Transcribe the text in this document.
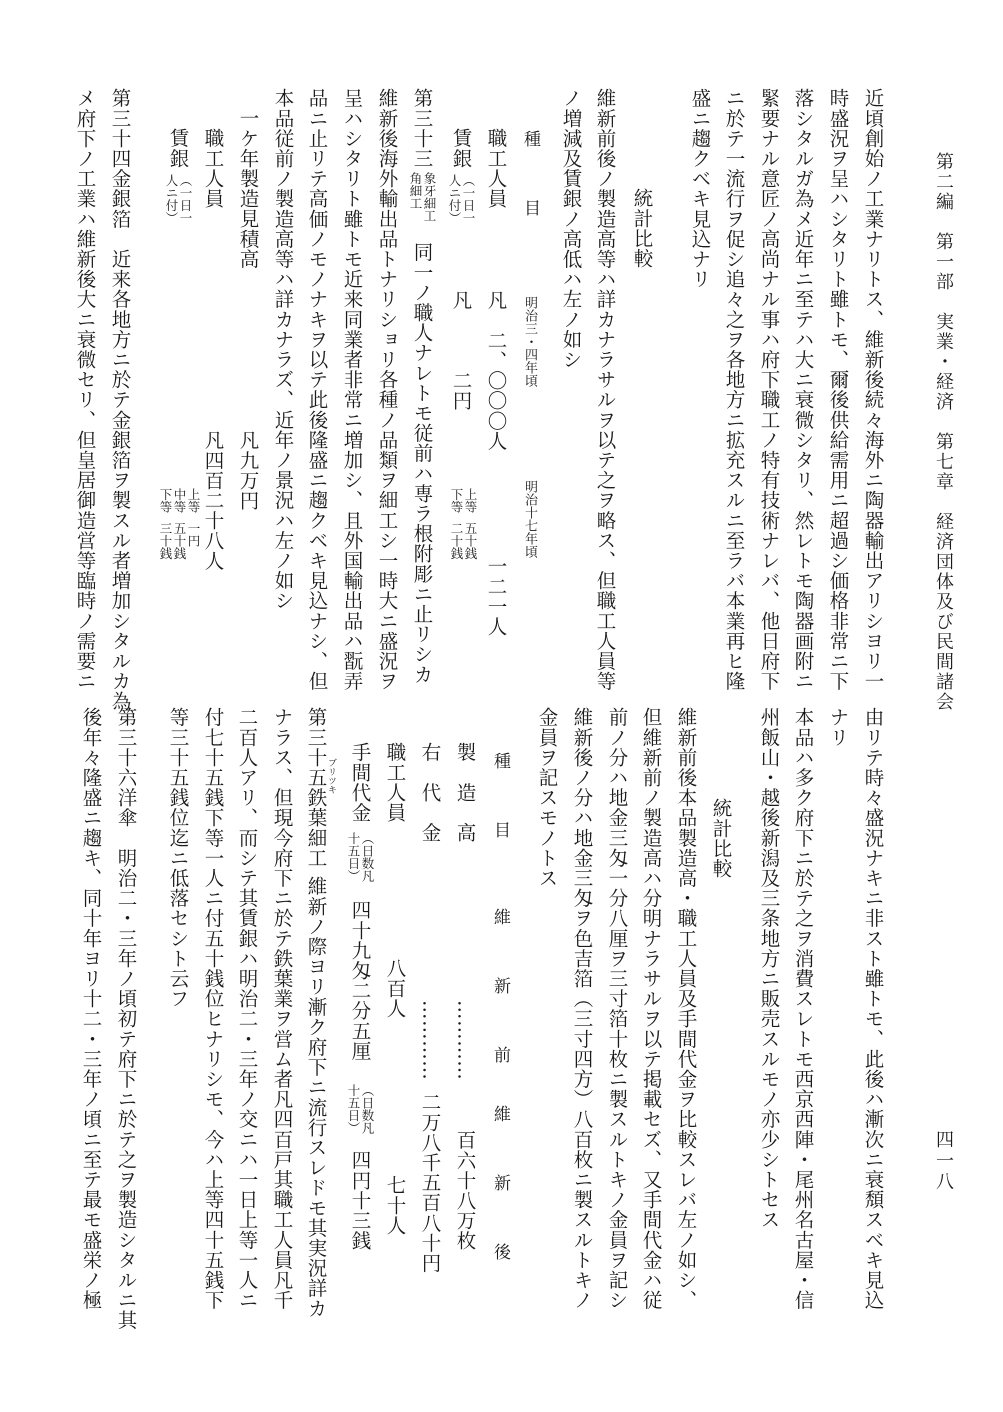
第二編　第一部　実業・経済　第七章　経済団体及び民間諸会
四一八
近頃創始ノ工業ナリトス、維新後続々海外ニ陶器輸出アリシヨリ一
時盛況ヲ呈ハシタリト雖トモ、爾後供給需用ニ超過シ価格非常ニ下
落シタルガ為メ近年ニ至テハ大ニ衰微シタリ、然レトモ陶器画附ニ
緊要ナル意匠ノ高尚ナル事ハ府下職工ノ特有技術ナレバ、他日府下
ニ於テ一流行ヲ促シ追々之ヲ各地方ニ拡充スルニ至ラバ本業再ヒ隆
盛ニ趨クベキ見込ナリ
統計比較
維新前後ノ製造高等ハ詳カナラサルヲ以テ之ヲ略ス、但職工人員等
ノ増減及賃銀ノ高低ハ左ノ如シ
種　　目
明治三・四年頃
明治十七年頃
職工人員
凡　二、〇〇〇人
一二一人
賃銀
（一日一
人ニ付）
凡　　　二円
上等
下等
五十銭
二十銭
第三十三
象牙細工
角細工
同一ノ職人ナレトモ従前ハ専ラ根附彫ニ止リシカ
維新後海外輸出品トナリショリ各種ノ品類ヲ細工シ一時大ニ盛況ヲ
呈ハシタリト雖トモ近来同業者非常ニ増加シ、且外国輸出品ハ翫弄
品ニ止リテ高価ノモノナキヲ以テ此後隆盛ニ趨クベキ見込ナシ、但
本品従前ノ製造高等ハ詳カナラズ、近年ノ景況ハ左ノ如シ
一ケ年製造見積高
凡九万円
職工人員
凡四百二十八人
賃銀
（一日一
人ニ付）
上等
中等
下等
一円
五十銭
三十銭
第三十四金銀箔　近来各地方ニ於テ金銀箔ヲ製スル者増加シタルカ為
メ府下ノ工業ハ維新後大ニ衰微セリ、但皇居御造営等臨時ノ需要ニ
由リテ時々盛況ナキニ非スト雖トモ、此後ハ漸次ニ衰頽スベキ見込
ナリ
本品ハ多ク府下ニ於テ之ヲ消費スレトモ西京西陣・尾州名古屋・信
州飯山・越後新潟及三条地方ニ販売スルモノ亦少シトセス
統計比較
維新前後本品製造高・職工人員及手間代金ヲ比較スレバ左ノ如シ、
但維新前ノ製造高ハ分明ナラサルヲ以テ掲載セズ、又手間代金ハ従
前ノ分ハ地金三匁一分八厘ヲ三寸箔十枚ニ製スルトキノ金員ヲ記シ
維新後ノ分ハ地金三匁ヲ色吉箔（三寸四方）八百枚ニ製スルトキノ
金員ヲ記スモノトス
種　　目
維　　新　　前
維　　新　　後
製　造　高
…………
百六十八万枚
右　代　金
…………
二万八千五百八十円
職工人員
八百人
七十人
手間代金
（日数凡
十五日）
四十九匁二分五厘
（日数凡
十五日）
四円十三銭
第三十五鉄葉細工
ブリツキ
維新ノ際ヨリ漸ク府下ニ流行スレドモ其実況詳カ
ナラス、但現今府下ニ於テ鉄葉業ヲ営ム者凡四百戸其職工人員凡千
二百人アリ、而シテ其賃銀ハ明治二・三年ノ交ニハ一日上等一人ニ
付七十五銭下等一人ニ付五十銭位ヒナリシモ、今ハ上等四十五銭下
等三十五銭位迄ニ低落セシト云フ
第三十六洋傘　明治二・三年ノ頃初テ府下ニ於テ之ヲ製造シタルニ其
後年々隆盛ニ趨キ、同十年ヨリ十二・三年ノ頃ニ至テ最モ盛栄ノ極
